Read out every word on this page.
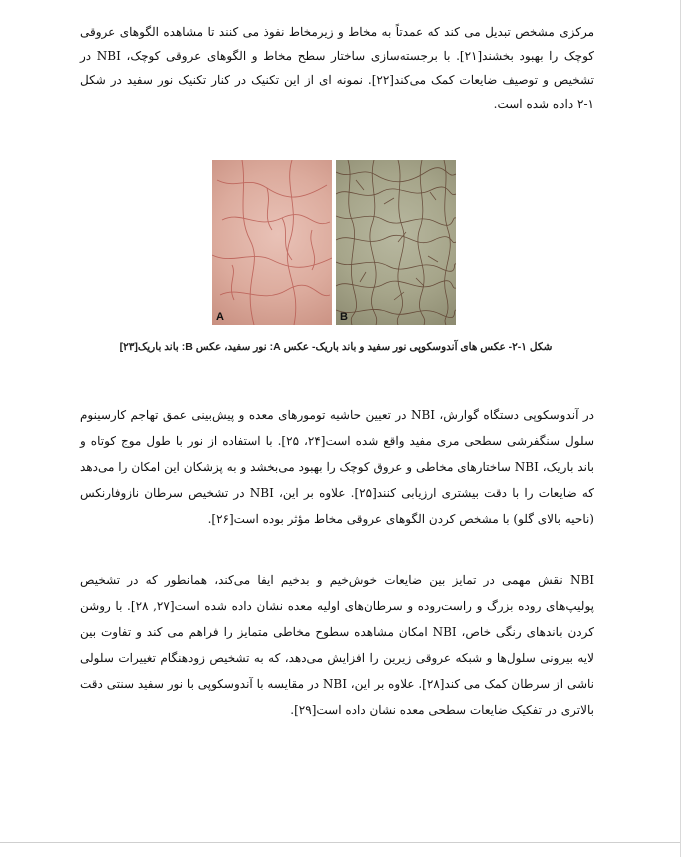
مرکزی مشخص تبدیل می کند که عمدتاً به مخاط و زیرمخاط نفوذ می کنند تا مشاهده الگوهای عروقی کوچک را بهبود بخشند[۲۱]. با برجسته‌سازی ساختار سطح مخاط و الگوهای عروقی کوچک، NBI در تشخیص و توصیف ضایعات کمک می‌کند[۲۲]. نمونه ای از این تکنیک در کنار تکنیک نور سفید در شکل ۱-۲ داده شده است.

A	B

شکل ۱-۲- عکس های آندوسکوپی نور سفید و باند باریک- عکس A: نور سفید، عکس B: باند باریک[۲۳]

در آندوسکوپی دستگاه گوارش، NBI در تعیین حاشیه تومورهای معده و پیش‌بینی عمق تهاجم کارسینوم سلول سنگفرشی سطحی مری مفید واقع شده است[۲۴، ۲۵]. با استفاده از نور با طول موج کوتاه و باند باریک، NBI ساختارهای مخاطی و عروق کوچک را بهبود می‌بخشد و به پزشکان این امکان را می‌دهد که ضایعات را با دقت بیشتری ارزیابی کنند[۲۵]. علاوه بر این، NBI در تشخیص سرطان نازوفارنکس (ناحیه بالای گلو) با مشخص کردن الگوهای عروقی مخاط مؤثر بوده است[۲۶].

NBI نقش مهمی در تمایز بین ضایعات خوش‌خیم و بدخیم ایفا می‌کند، همانطور که در تشخیص پولیپ‌های روده بزرگ و راست‌روده و سرطان‌های اولیه معده نشان داده شده است[۲۷, ۲۸]. با روشن کردن باندهای رنگی خاص، NBI امکان مشاهده سطوح مخاطی متمایز را فراهم می کند و تفاوت بین لایه بیرونی سلول‌ها و شبکه عروقی زیرین را افزایش می‌دهد، که به تشخیص زودهنگام تغییرات سلولی ناشی از سرطان کمک می کند[۲۸]. علاوه بر این، NBI در مقایسه با آندوسکوپی با نور سفید سنتی دقت بالاتری در تفکیک ضایعات سطحی معده نشان داده است[۲۹].
